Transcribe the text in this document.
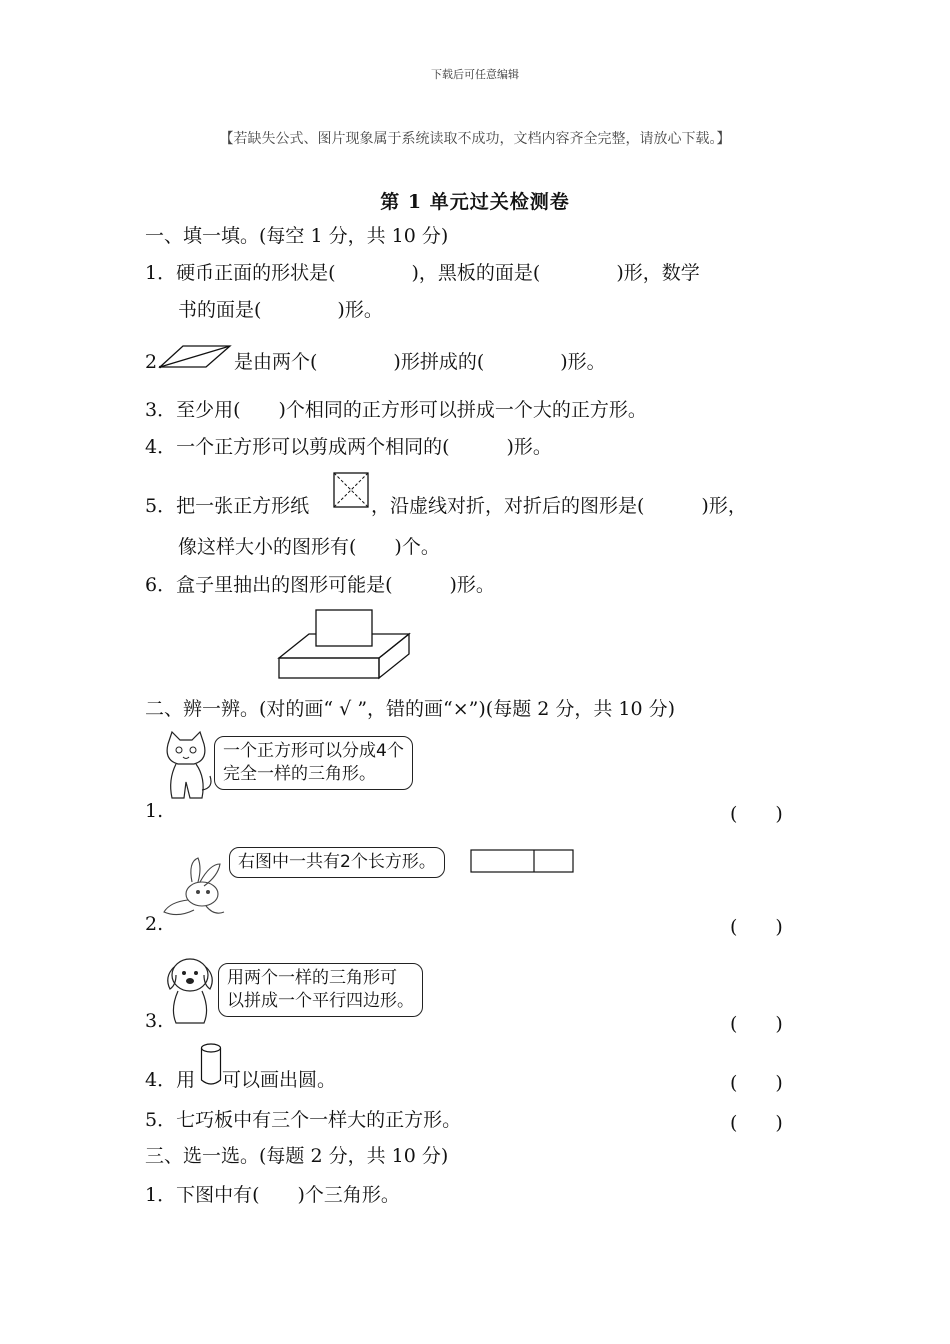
下载后可任意编辑
【若缺失公式、图片现象属于系统读取不成功，文档内容齐全完整，请放心下载。】
第 1 单元过关检测卷
一、填一填。(每空 1 分，共 10 分)
1．硬币正面的形状是(　　　　)，黑板的面是(　　　　)形，数学
书的面是(　　　　)形。
2.	是由两个(　　　　)形拼成的(　　　　)形。
3．至少用(　　)个相同的正方形可以拼成一个大的正方形。
4．一个正方形可以剪成两个相同的(　　　)形。
5．把一张正方形纸	，沿虚线对折，对折后的图形是(　　　)形，
像这样大小的图形有(　　)个。
6．盒子里抽出的图形可能是(　　　)形。
二、辨一辨。(对的画“ √ ”，错的画“×”)(每题 2 分，共 10 分)
一个正方形可以分成4个
完全一样的三角形。
1.	(　　)
右图中一共有2个长方形。
2.	(　　)
用两个一样的三角形可
以拼成一个平行四边形。
3.	(　　)
4．用 可以画出圆。	(　　)
5．七巧板中有三个一样大的正方形。	(　　)
三、选一选。(每题 2 分，共 10 分)
1．下图中有(　　)个三角形。
